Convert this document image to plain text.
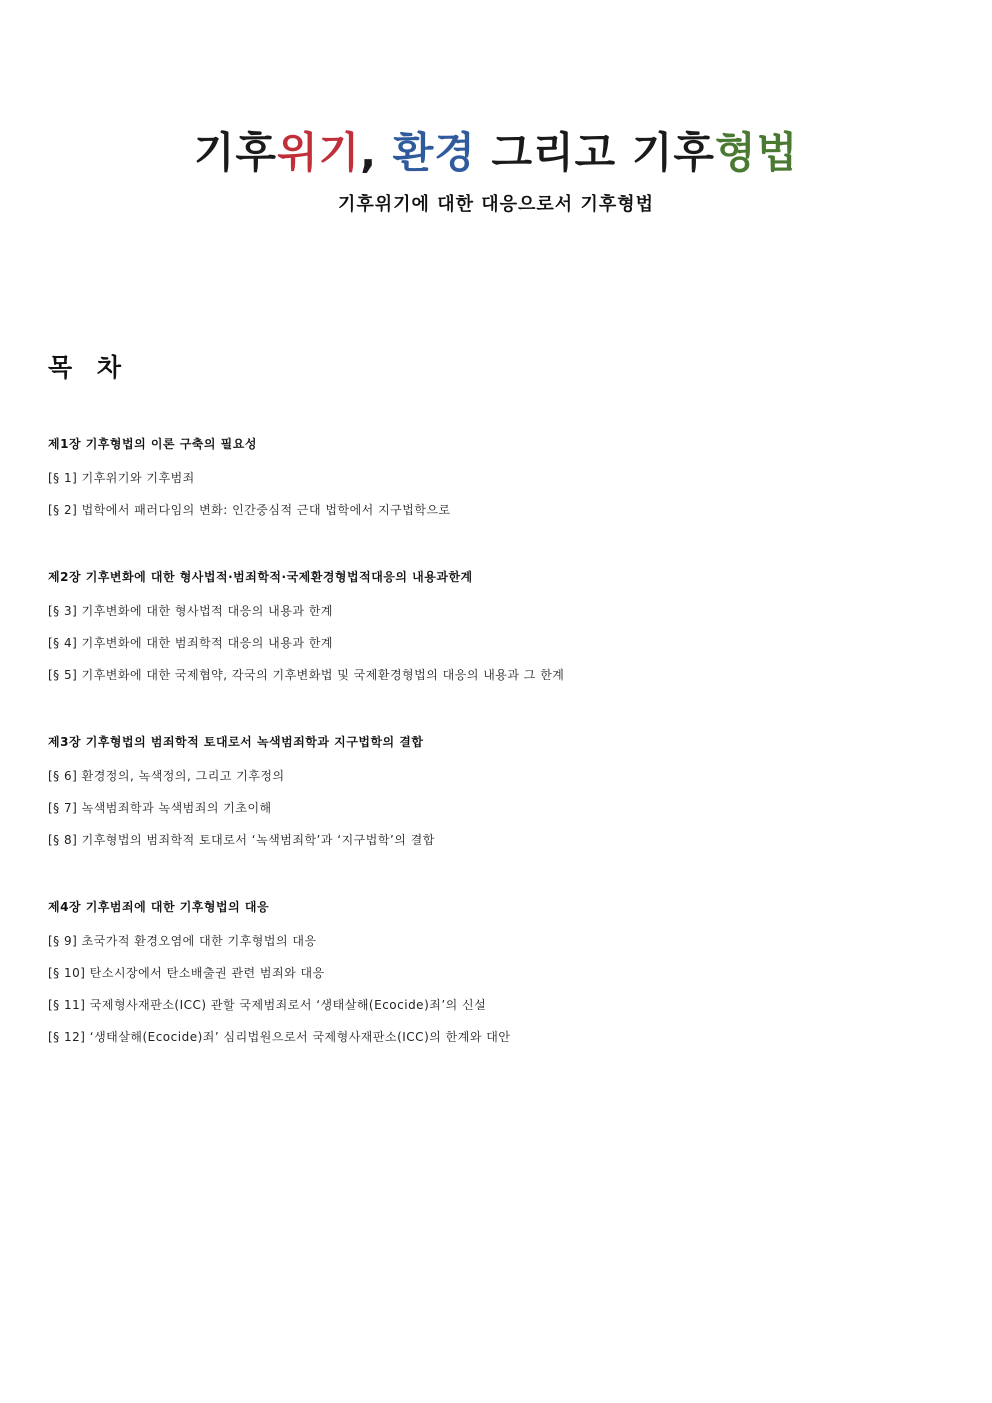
기후위기, 환경 그리고 기후형법
기후위기에 대한 대응으로서 기후형법
목 차
제1장 기후형법의 이론 구축의 필요성
[§ 1] 기후위기와 기후범죄
[§ 2] 법학에서 패러다임의 변화: 인간중심적 근대 법학에서 지구법학으로
제2장 기후변화에 대한 형사법적·범죄학적·국제환경형법적대응의 내용과한계
[§ 3] 기후변화에 대한 형사법적 대응의 내용과 한계
[§ 4] 기후변화에 대한 범죄학적 대응의 내용과 한계
[§ 5] 기후변화에 대한 국제협약, 각국의 기후변화법 및 국제환경형법의 대응의 내용과 그 한계
제3장 기후형법의 범죄학적 토대로서 녹색범죄학과 지구법학의 결합
[§ 6] 환경정의, 녹색정의, 그리고 기후정의
[§ 7] 녹색범죄학과 녹색범죄의 기초이해
[§ 8] 기후형법의 범죄학적 토대로서 ‘녹색범죄학’과 ‘지구법학’의 결합
제4장 기후범죄에 대한 기후형법의 대응
[§ 9] 초국가적 환경오염에 대한 기후형법의 대응
[§ 10] 탄소시장에서 탄소배출권 관련 범죄와 대응
[§ 11] 국제형사재판소(ICC) 관할 국제범죄로서 ‘생태살해(Ecocide)죄’의 신설
[§ 12] ‘생태살해(Ecocide)죄’ 심리법원으로서 국제형사재판소(ICC)의 한계와 대안
